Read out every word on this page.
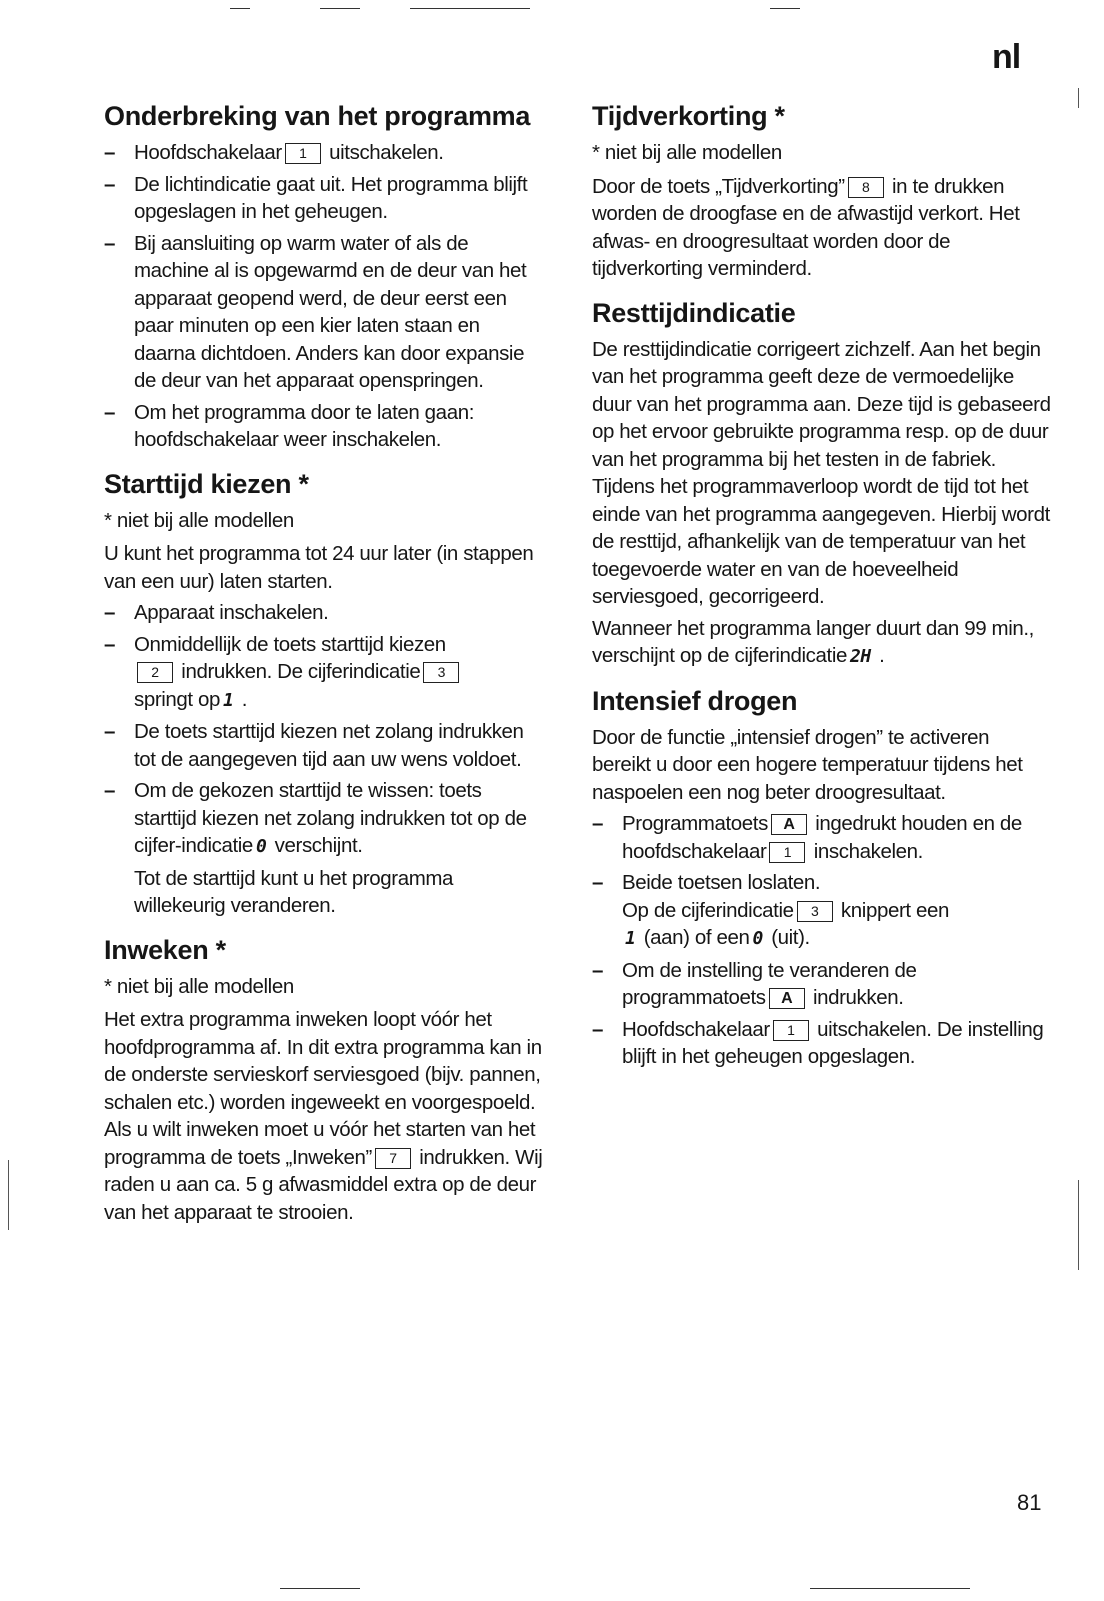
nl
Onderbreking van het programma
– Hoofdschakelaar 1 uitschakelen.
– De lichtindicatie gaat uit. Het programma blijft opgeslagen in het geheugen.
– Bij aansluiting op warm water of als de machine al is opgewarmd en de deur van het apparaat geopend werd, de deur eerst een paar minuten op een kier laten staan en daarna dichtdoen. Anders kan door expansie de deur van het apparaat openspringen.
– Om het programma door te laten gaan: hoofdschakelaar weer inschakelen.
Starttijd kiezen *

* niet bij alle modellen

U kunt het programma tot 24 uur later (in stappen van een uur) laten starten.

– Apparaat inschakelen.
– Onmiddellijk de toets starttijd kiezen
2 indrukken. De cijferindicatie 3
springt op 1 .
– De toets starttijd kiezen net zolang indrukken tot de aangegeven tijd aan uw wens voldoet.
– Om de gekozen starttijd te wissen: toets starttijd kiezen net zolang indrukken tot op de cijfer-indicatie 0 verschijnt.

Tot de starttijd kunt u het programma willekeurig veranderen.

Inweken *

* niet bij alle modellen

Het extra programma inweken loopt vóór het hoofdprogramma af. In dit extra programma kan in de onderste servieskorf serviesgoed (bijv. pannen, schalen etc.) worden ingeweekt en voorgespoeld. Als u wilt inweken moet u vóór het starten van het programma de toets „Inweken” 7 indrukken. Wij raden u aan ca. 5 g afwasmiddel extra op de deur van het apparaat te strooien.

Tijdverkorting *

* niet bij alle modellen

Door de toets „Tijdverkorting” 8 in te drukken worden de droogfase en de afwastijd verkort. Het afwas- en droogresultaat worden door de tijdverkorting verminderd.

Resttijdindicatie

De resttijdindicatie corrigeert zichzelf. Aan het begin van het programma geeft deze de vermoedelijke duur van het programma aan. Deze tijd is gebaseerd op het ervoor gebruikte programma resp. op de duur van het programma bij het testen in de fabriek. Tijdens het programmaverloop wordt de tijd tot het einde van het programma aangegeven. Hierbij wordt de resttijd, afhankelijk van de temperatuur van het toegevoerde water en van de hoeveelheid serviesgoed, gecorrigeerd.

Wanneer het programma langer duurt dan 99 min., verschijnt op de cijferindicatie 2H .

Intensief drogen

Door de functie „intensief drogen” te activeren bereikt u door een hogere temperatuur tijdens het naspoelen een nog beter droogresultaat.

– Programmatoets A ingedrukt houden en de hoofdschakelaar 1 inschakelen.
– Beide toetsen loslaten.
Op de cijferindicatie 3 knippert een
1 (aan) of een 0 (uit).
– Om de instelling te veranderen de programmatoets A indrukken.
– Hoofdschakelaar 1 uitschakelen. De instelling blijft in het geheugen opgeslagen.
81
